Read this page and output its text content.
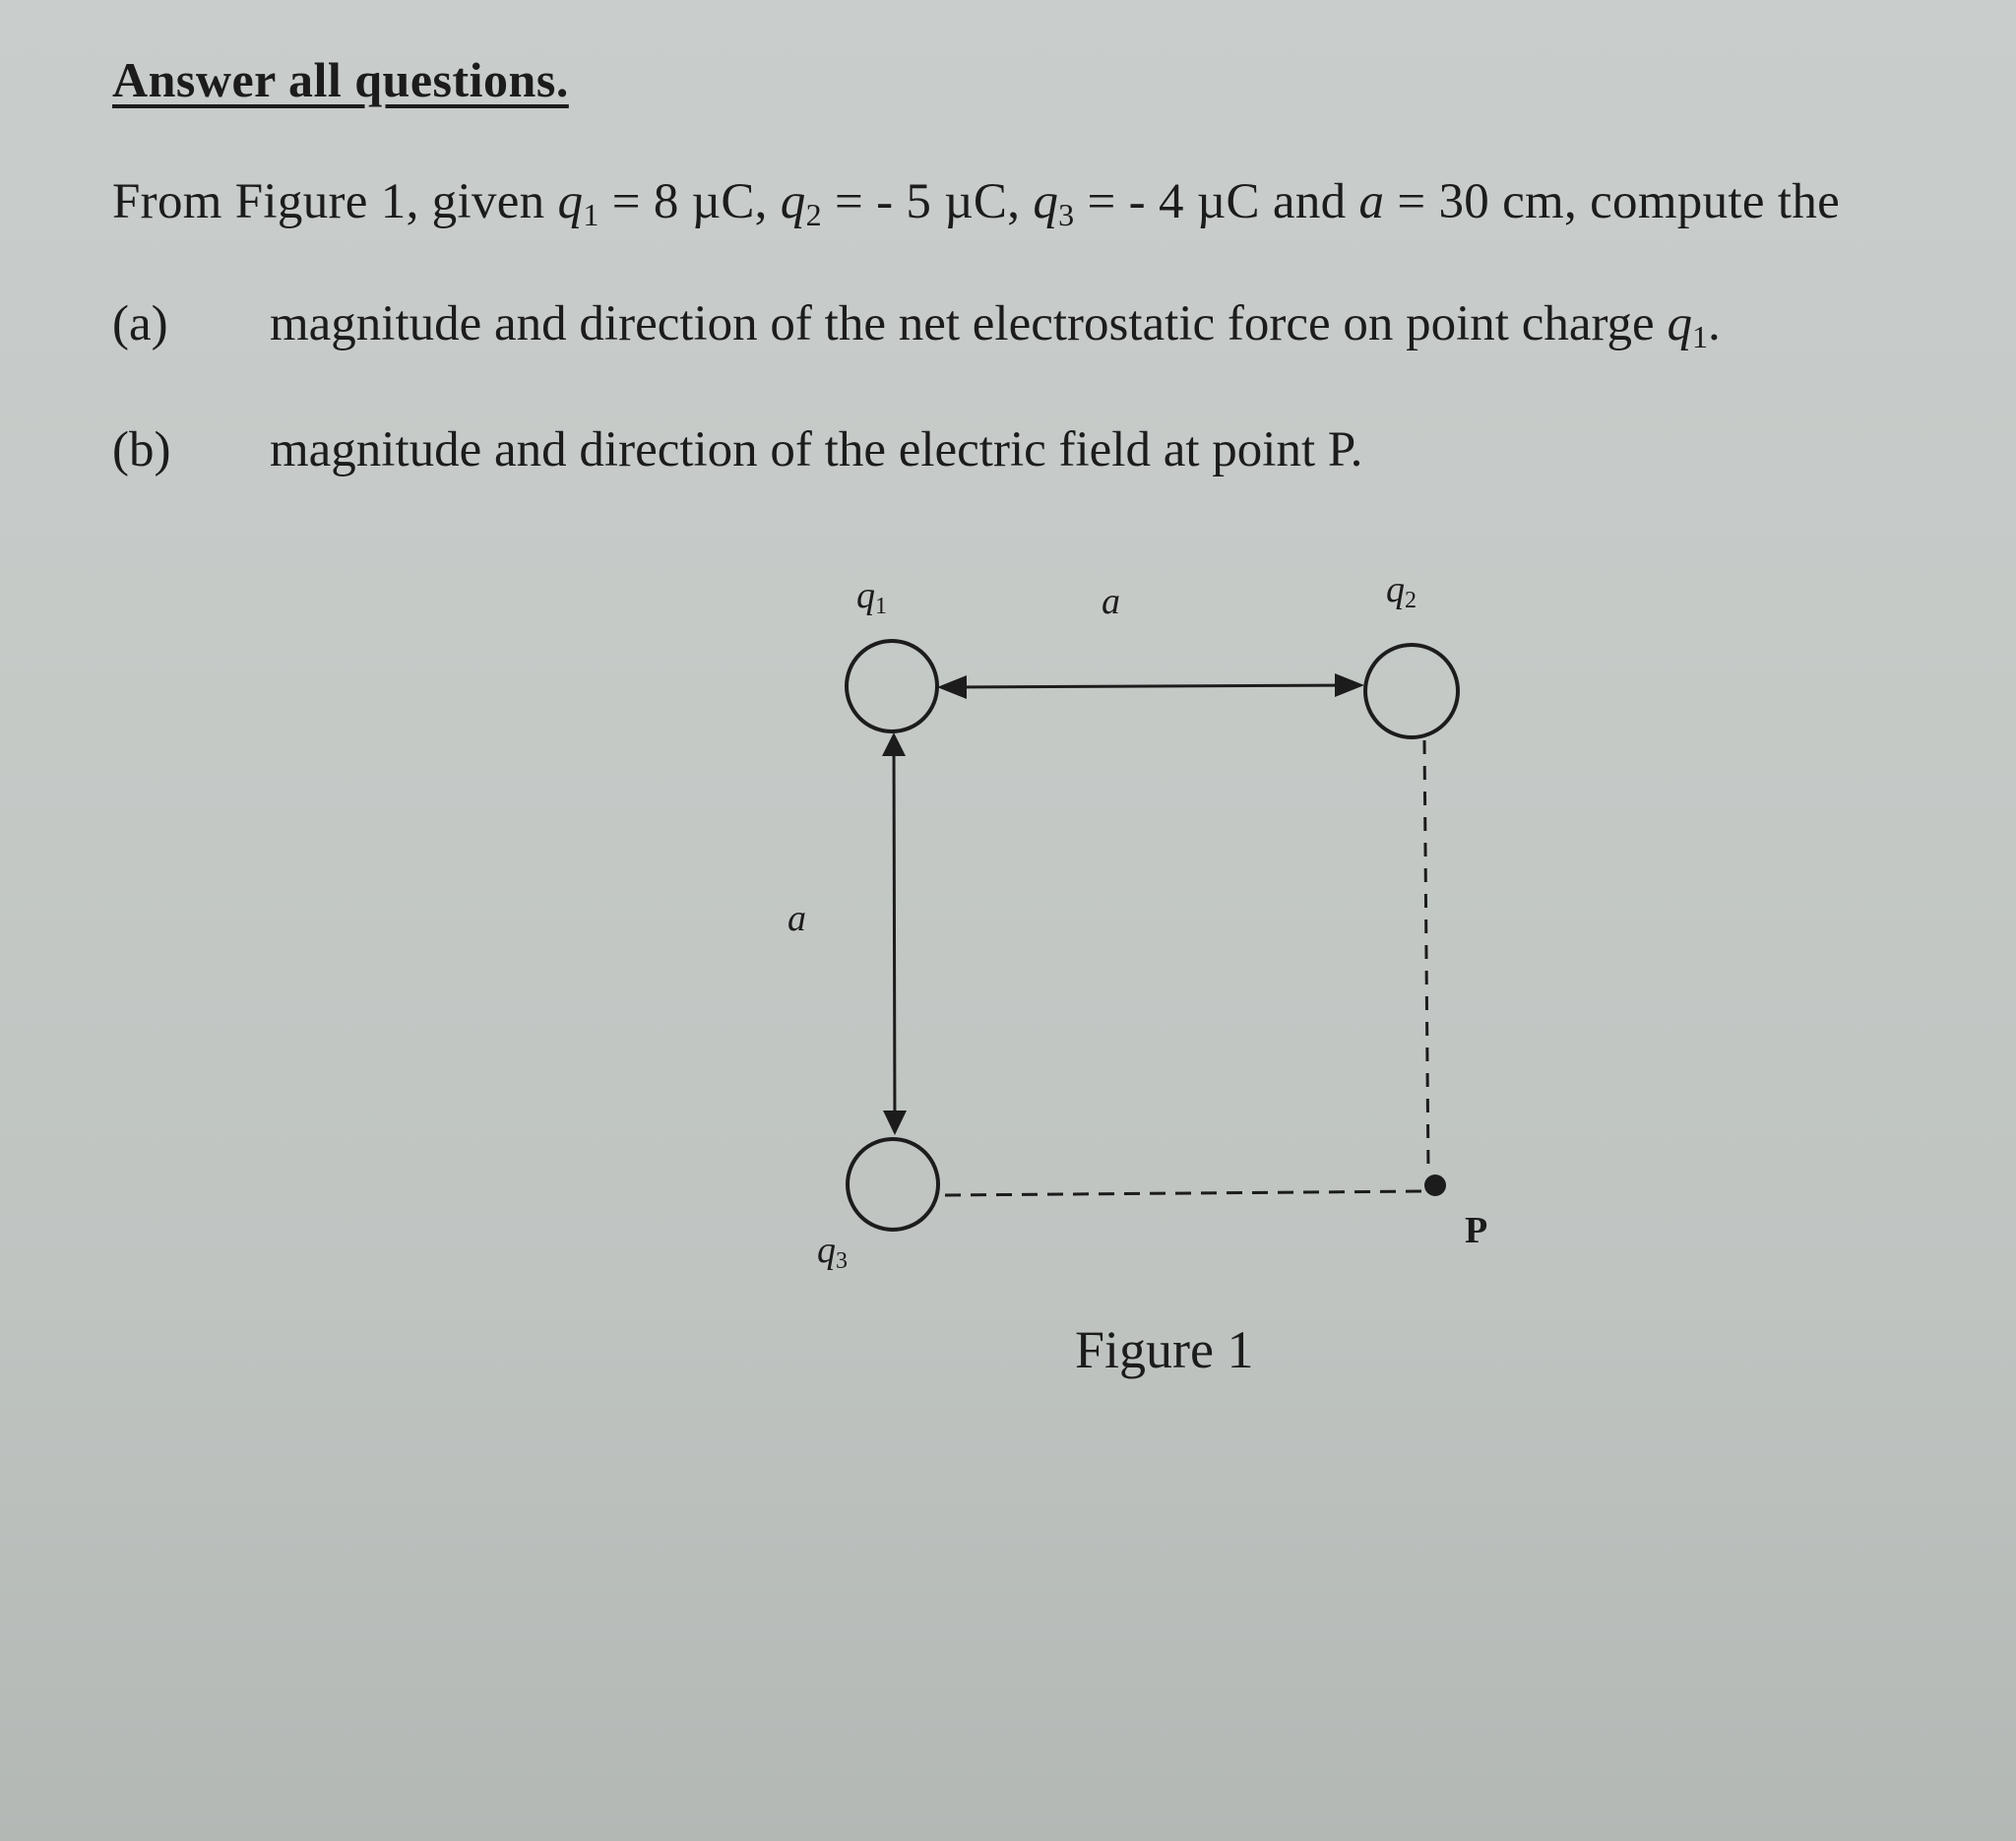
Answer all questions.
From Figure 1, given $q_1 = 8$ µC, $q_2$ = - 5 µC, $q_3$ = - 4 µC and a = 30 cm, compute the
(a) magnitude and direction of the net electrostatic force on point charge $q_1$.
(b) magnitude and direction of the electric field at point P.
q1	q2
q3
a
a
P
Figure 1
